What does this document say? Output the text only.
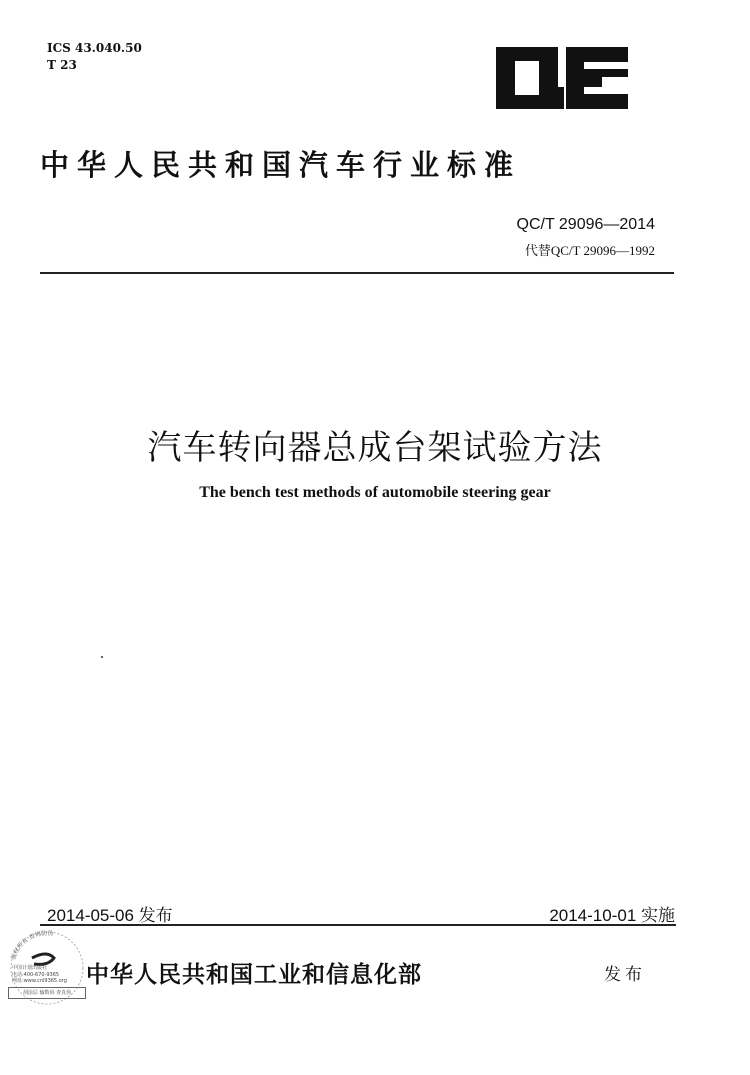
ICS 43.040.50
T 23
中华人民共和国汽车行业标准
QC/T 29096—2014
代替QC/T 29096—1992
汽车转向器总成台架试验方法
The bench test methods of automobile steering gear
2014-05-06 发布	2014-10-01 实施
版权所有 查询防伪
中国计划出版社
电话:400-670-9365
网址:www.cnl9365.org
刮涂层 输数码 查真伪
中华人民共和国工业和信息化部	发布
